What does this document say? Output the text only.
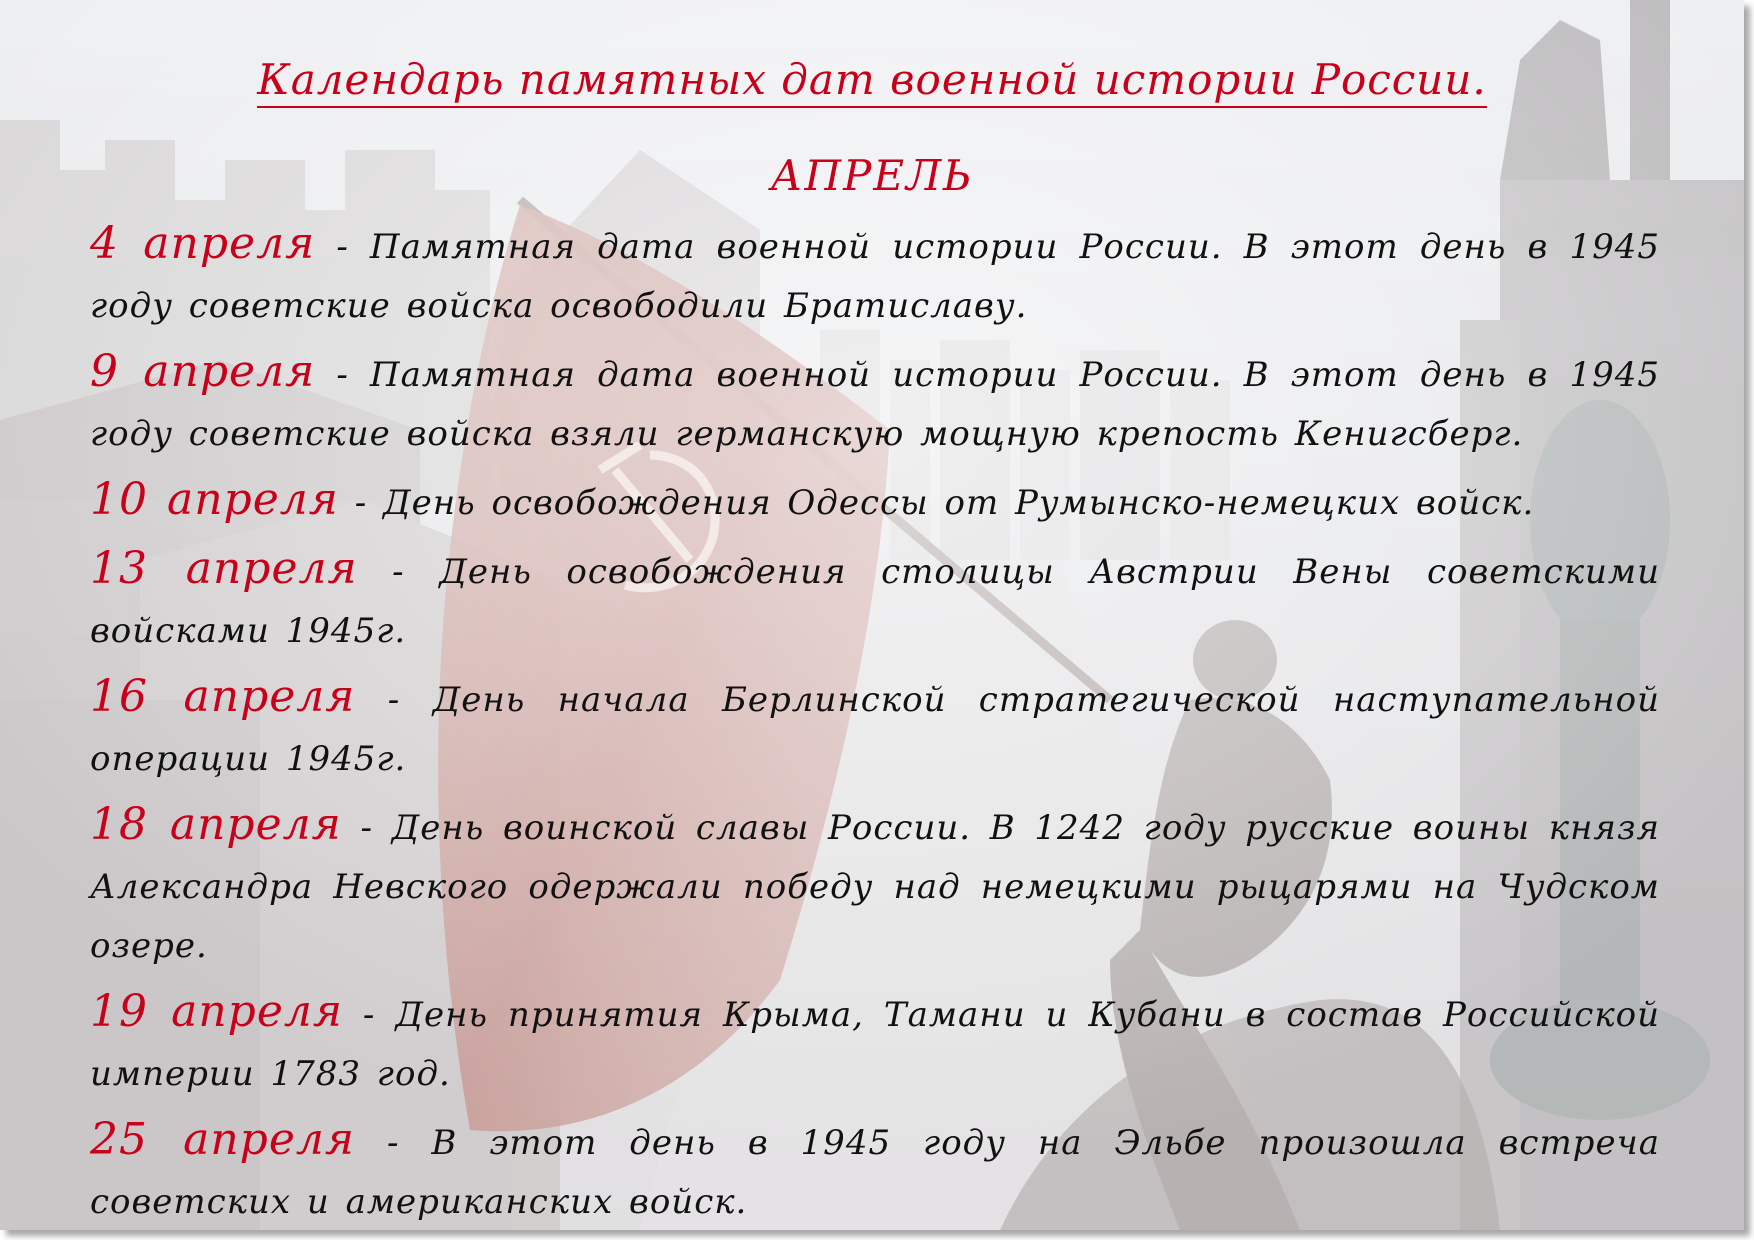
Календарь памятных дат военной истории России.
АПРЕЛЬ

4 апреля - Памятная дата военной истории России. В этот день в 1945 году советские войска освободили Братиславу.

9 апреля - Памятная дата военной истории России. В этот день в 1945 году советские войска взяли германскую мощную крепость Кенигсберг.

10 апреля - День освобождения Одессы от Румынско-немецких войск.

13 апреля - День освобождения столицы Австрии Вены советскими войсками 1945г.

16 апреля - День начала Берлинской стратегической наступательной операции 1945г.

18 апреля - День воинской славы России. В 1242 году русские воины князя Александра Невского одержали победу над немецкими рыцарями на Чудском озере.

19 апреля - День принятия Крыма, Тамани и Кубани в состав Российской империи 1783 год.

25 апреля - В этот день в 1945 году на Эльбе произошла встреча советских и американских войск.
